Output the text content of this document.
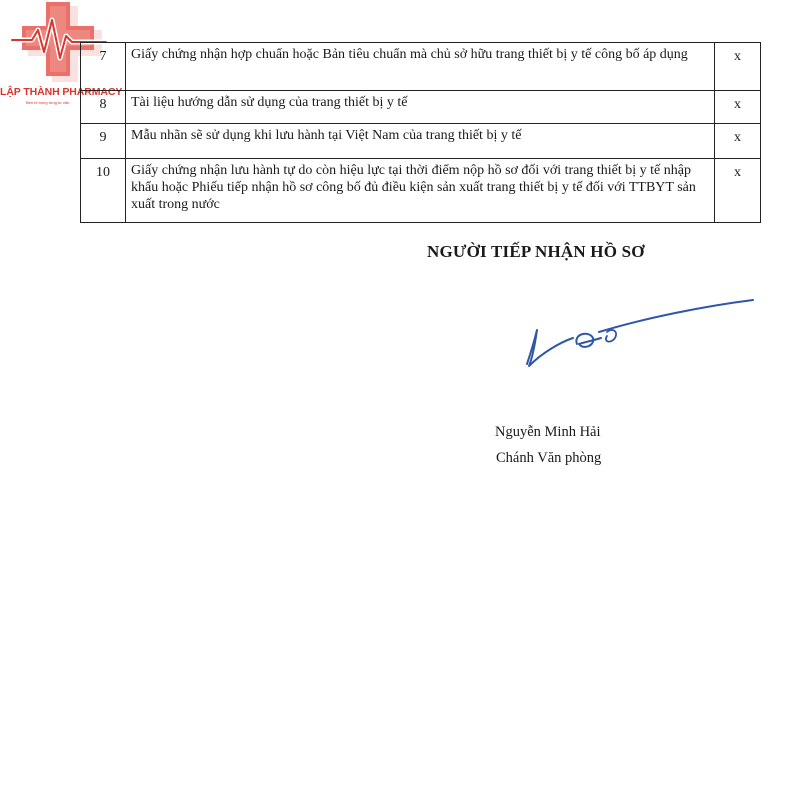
LẬP THÀNH PHARMACY
Bền bỉ trong từng tư vấn
7	Giấy chứng nhận hợp chuẩn hoặc Bản tiêu chuẩn mà chủ sở hữu trang thiết bị y tế công bố áp dụng	x
8	Tài liệu hướng dẫn sử dụng của trang thiết bị y tế	x
9	Mẫu nhãn sẽ sử dụng khi lưu hành tại Việt Nam của trang thiết bị y tế	x
10	Giấy chứng nhận lưu hành tự do còn hiệu lực tại thời điểm nộp hồ sơ đối với trang thiết bị y tế nhập khẩu hoặc Phiếu tiếp nhận hồ sơ công bố đủ điều kiện sản xuất trang thiết bị y tế đối với TTBYT sản xuất trong nước	x
NGƯỜI TIẾP NHẬN HỒ SƠ
Nguyễn Minh Hải
Chánh Văn phòng
